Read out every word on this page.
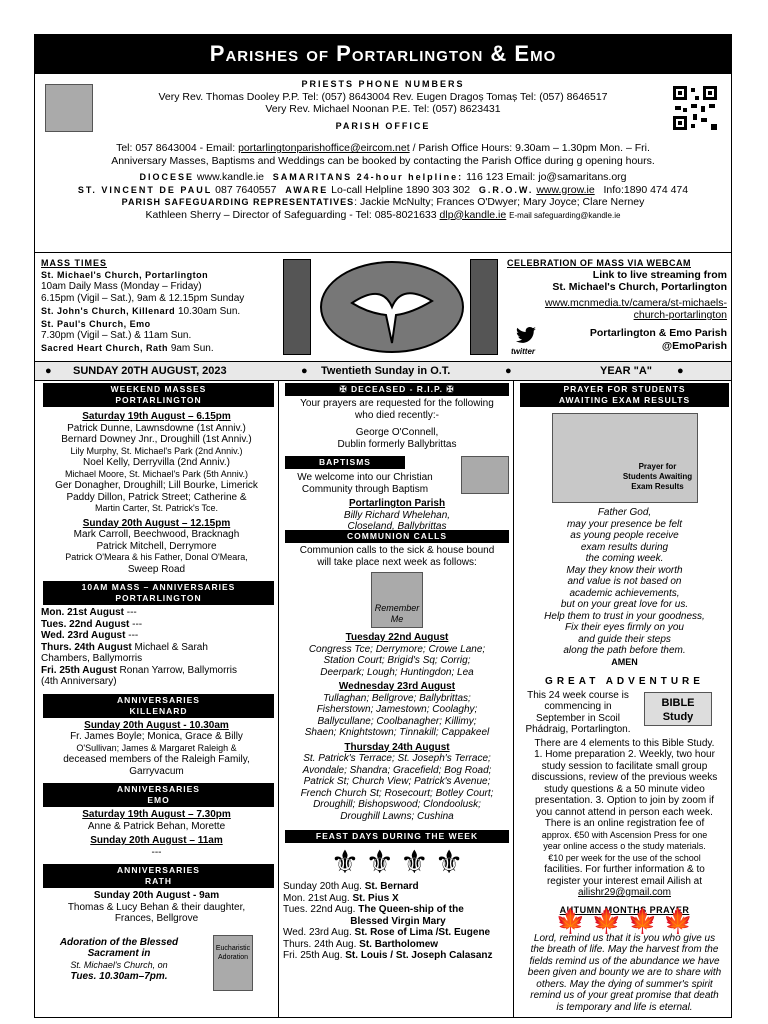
Parishes of Portarlington & Emo
PRIESTS PHONE NUMBERS
Very Rev. Thomas Dooley P.P. Tel: (057) 8643004 Rev. Eugen Dragoș Tomaș Tel: (057) 8646517
Very Rev. Michael Noonan P.E. Tel: (057) 8623431
PARISH OFFICE
Tel: 057 8643004 - Email: portarlingtonparishoffice@eircom.net / Parish Office Hours: 9.30am – 1.30pm Mon. – Fri.
Anniversary Masses, Baptisms and Weddings can be booked by contacting the Parish Office during g opening hours.
DIOCESE www.kandle.ie SAMARITANS 24-hour helpline: 116 123 Email: jo@samaritans.org
ST. VINCENT DE PAUL 087 7640557 AWARE Lo-call Helpline 1890 303 302 G.R.O.W. www.grow.ie Info:1890 474 474
PARISH SAFEGUARDING REPRESENTATIVES: Jackie McNulty; Frances O'Dwyer; Mary Joyce; Clare Nerney
Kathleen Sherry – Director of Safeguarding - Tel: 085-8021633 dlp@kandle.ie E-mail safeguarding@kandle.ie
MASS TIMES
St. Michael's Church, Portarlington
10am Daily Mass (Monday – Friday)
6.15pm (Vigil – Sat.), 9am & 12.15pm Sunday
St. John's Church, Killenard 10.30am Sun.
St. Paul's Church, Emo
7.30pm (Vigil – Sat.) & 11am Sun.
Sacred Heart Church, Rath 9am Sun.
CELEBRATION OF MASS VIA WEBCAM
Link to live streaming from
St. Michael's Church, Portarlington
www.mcnmedia.tv/camera/st-michaels-
church-portarlington
twitter
Portarlington & Emo Parish
@EmoParish
● SUNDAY 20TH AUGUST, 2023	● Twentieth Sunday in O.T.	●	YEAR "A" ●
WEEKEND MASSES
PORTARLINGTON
Saturday 19th August – 6.15pm
Patrick Dunne, Lawnsdowne (1st Anniv.)
Bernard Downey Jnr., Droughill (1st Anniv.)
Lily Murphy, St. Michael's Park (2nd Anniv.)
Noel Kelly, Derryvilla (2nd Anniv.)
Michael Moore, St. Michael's Park (5th Anniv.)
Ger Donagher, Droughill; Lill Bourke, Limerick
Paddy Dillon, Patrick Street; Catherine &
Martin Carter, St. Patrick's Tce.
Sunday 20th August – 12.15pm
Mark Carroll, Beechwood, Bracknagh
Patrick Mitchell, Derrymore
Patrick O'Meara & his Father, Donal O'Meara,
Sweep Road
10AM MASS – ANNIVERSARIES
PORTARLINGTON
Mon. 21st August ---
Tues. 22nd August ---
Wed. 23rd August ---
Thurs. 24th August Michael & Sarah
Chambers, Ballymorris
Fri. 25th August Ronan Yarrow, Ballymorris
(4th Anniversary)
ANNIVERSARIES
KILLENARD
Sunday 20th August - 10.30am
Fr. James Boyle; Monica, Grace & Billy
O'Sullivan; James & Margaret Raleigh &
deceased members of the Raleigh Family,
Garryvacum
ANNIVERSARIES
EMO
Saturday 19th August – 7.30pm
Anne & Patrick Behan, Morette
Sunday 20th August – 11am
---
ANNIVERSARIES
RATH
Sunday 20th August - 9am
Thomas & Lucy Behan & their daughter,
Frances, Bellgrove
Adoration of the Blessed
Sacrament in
St. Michael's Church, on
Tues. 10.30am–7pm.
Eucharistic Adoration
✠ DECEASED - R.I.P. ✠
Your prayers are requested for the following
who died recently:-
George O'Connell,
Dublin formerly Ballybrittas
BAPTISMS
We welcome into our Christian
Community through Baptism
Portarlington Parish
Billy Richard Whelehan,
Closeland, Ballybrittas
COMMUNION CALLS
Communion calls to the sick & house bound
will take place next week as follows:
Remember Me
Tuesday 22nd August
Congress Tce; Derrymore; Crowe Lane;
Station Court; Brigid's Sq; Corrig;
Deerpark; Lough; Huntingdon; Lea
Wednesday 23rd August
Tullaghan; Bellgrove; Ballybrittas;
Fisherstown; Jamestown; Coolaghy;
Ballycullane; Coolbanagher; Killimy;
Shaen; Knightstown; Tinnakill; Cappakeel
Thursday 24th August
St. Patrick's Terrace; St. Joseph's Terrace;
Avondale; Shandra; Gracefield; Bog Road;
Patrick St; Church View; Patrick's Avenue;
French Church St; Rosecourt; Botley Court;
Droughill; Bishopswood; Clondoolusk;
Droughill Lawns; Cushina
FEAST DAYS DURING THE WEEK
⚜ ⚜ ⚜ ⚜
Sunday 20th Aug. St. Bernard
Mon. 21st Aug. St. Pius X
Tues. 22nd Aug. The Queen-ship of the
Blessed Virgin Mary
Wed. 23rd Aug. St. Rose of Lima /St. Eugene
Thurs. 24th Aug. St. Bartholomew
Fri. 25th Aug. St. Louis / St. Joseph Calasanz
PRAYER FOR STUDENTS
AWAITING EXAM RESULTS
Prayer for Students Awaiting Exam Results
Father God,
may your presence be felt
as young people receive
exam results during
the coming week.
May they know their worth
and value is not based on
academic achievements,
but on your great love for us.
Help them to trust in your goodness,
Fix their eyes firmly on you
and guide their steps
along the path before them.
AMEN
GREAT ADVENTURE
This 24 week course is
commencing in
September in Scoil
Phádraig, Portarlington.
BIBLE Study
There are 4 elements to this Bible Study.
1. Home preparation 2. Weekly, two hour
study session to facilitate small group
discussions, review of the previous weeks
study questions & a 50 minute video
presentation. 3. Option to join by zoom if
you cannot attend in person each week.
There is an online registration fee of
approx. €50 with Ascension Press for one
year online access o the study materials.
€10 per week for the use of the school
facilities. For further information & to
register your interest email Ailish at
ailishr29@gmail.com
AUTUMN MONTHS PRAYER
🍁 🍁 🍁 🍁
Lord, remind us that it is you who give us
the breath of life. May the harvest from the
fields remind us of the abundance we have
been given and bounty we are to share with
others. May the dying of summer's spirit
remind us of your great promise that death
is temporary and life is eternal.
